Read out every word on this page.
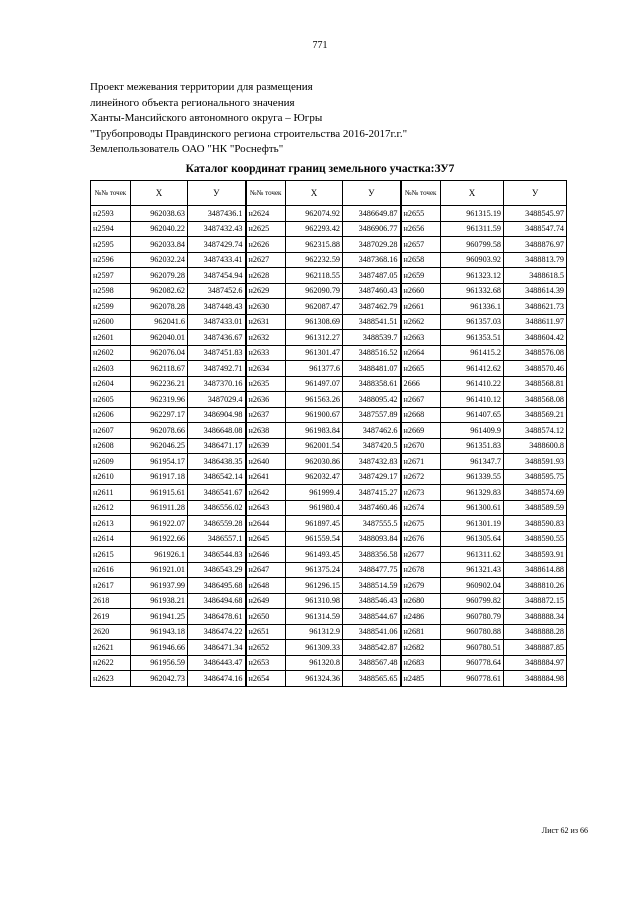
771
Проект межевания территории для размещения
линейного объекта регионального значения
Ханты-Мансийского автономного округа – Югры
"Трубопроводы Правдинского региона строительства 2016-2017г.г."
Землепользователь ОАО "НК "Роснефть"
Каталог координат границ земельного участка:ЗУ7
№№ точек	X	У	№№ точек	X	У	№№ точек	X	У
н2593	962038.63	3487436.1	н2624	962074.92	3486649.87	н2655	961315.19	3488545.97
н2594	962040.22	3487432.43	н2625	962293.42	3486906.77	н2656	961311.59	3488547.74
н2595	962033.84	3487429.74	н2626	962315.88	3487029.28	н2657	960799.58	3488876.97
н2596	962032.24	3487433.41	н2627	962232.59	3487368.16	н2658	960903.92	3488813.79
н2597	962079.28	3487454.94	н2628	962118.55	3487487.05	н2659	961323.12	3488618.5
н2598	962082.62	3487452.6	н2629	962090.79	3487460.43	н2660	961332.68	3488614.39
н2599	962078.28	3487448.43	н2630	962087.47	3487462.79	н2661	961336.1	3488621.73
н2600	962041.6	3487433.01	н2631	961308.69	3488541.51	н2662	961357.03	3488611.97
н2601	962040.01	3487436.67	н2632	961312.27	3488539.7	н2663	961353.51	3488604.42
н2602	962076.04	3487451.83	н2633	961301.47	3488516.52	н2664	961415.2	3488576.08
н2603	962118.67	3487492.71	н2634	961377.6	3488481.07	н2665	961412.62	3488570.46
н2604	962236.21	3487370.16	н2635	961497.07	3488358.61	2666	961410.22	3488568.81
н2605	962319.96	3487029.4	н2636	961563.26	3488095.42	н2667	961410.12	3488568.08
н2606	962297.17	3486904.98	н2637	961900.67	3487557.89	н2668	961407.65	3488569.21
н2607	962078.66	3486648.08	н2638	961983.84	3487462.6	н2669	961409.9	3488574.12
н2608	962046.25	3486471.17	н2639	962001.54	3487420.5	н2670	961351.83	3488600.8
н2609	961954.17	3486438.35	н2640	962030.86	3487432.83	н2671	961347.7	3488591.93
н2610	961917.18	3486542.14	н2641	962032.47	3487429.17	н2672	961339.55	3488595.75
н2611	961915.61	3486541.67	н2642	961999.4	3487415.27	н2673	961329.83	3488574.69
н2612	961911.28	3486556.02	н2643	961980.4	3487460.46	н2674	961300.61	3488589.59
н2613	961922.07	3486559.28	н2644	961897.45	3487555.5	н2675	961301.19	3488590.83
н2614	961922.66	3486557.1	н2645	961559.54	3488093.84	н2676	961305.64	3488590.55
н2615	961926.1	3486544.83	н2646	961493.45	3488356.58	н2677	961311.62	3488593.91
н2616	961921.01	3486543.29	н2647	961375.24	3488477.75	н2678	961321.43	3488614.88
н2617	961937.99	3486495.68	н2648	961296.15	3488514.59	н2679	960902.04	3488810.26
2618	961938.21	3486494.68	н2649	961310.98	3488546.43	н2680	960799.82	3488872.15
2619	961941.25	3486478.61	н2650	961314.59	3488544.67	н2486	960780.79	3488888.34
2620	961943.18	3486474.22	н2651	961312.9	3488541.06	н2681	960780.88	3488888.28
н2621	961946.66	3486471.34	н2652	961309.33	3488542.87	н2682	960780.51	3488887.85
н2622	961956.59	3486443.47	н2653	961320.8	3488567.48	н2683	960778.64	3488884.97
н2623	962042.73	3486474.16	н2654	961324.36	3488565.65	н2485	960778.61	3488884.98
Лист 62 из 66
